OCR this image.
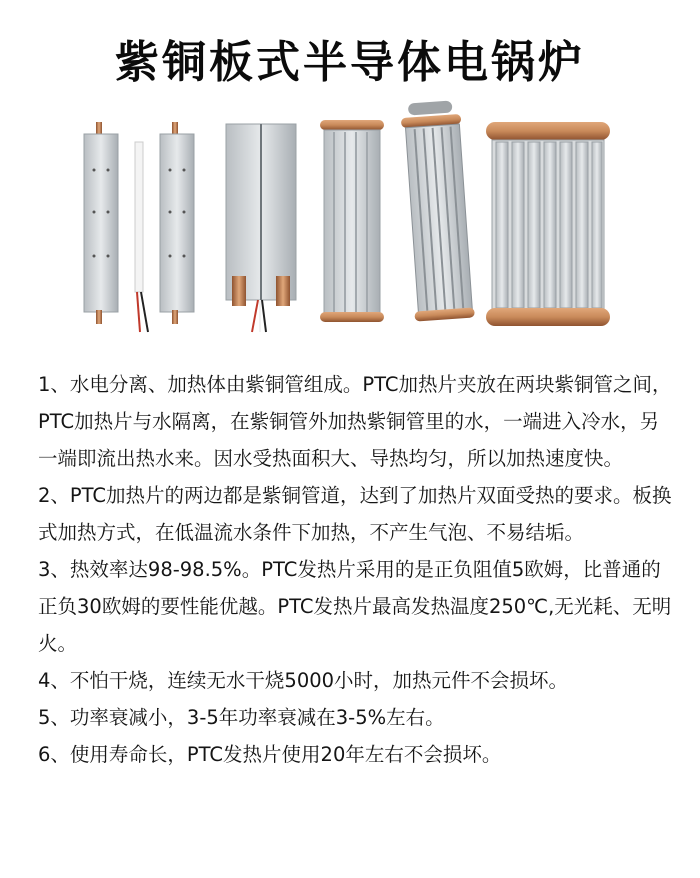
紫铜板式半导体电锅炉

1、水电分离、加热体由紫铜管组成。PTC加热片夹放在两块紫铜管之间，PTC加热片与水隔离，在紫铜管外加热紫铜管里的水，一端进入冷水，另一端即流出热水来。因水受热面积大、导热均匀，所以加热速度快。

2、PTC加热片的两边都是紫铜管道，达到了加热片双面受热的要求。板换式加热方式，在低温流水条件下加热，不产生气泡、不易结垢。

3、热效率达98-98.5%。PTC发热片采用的是正负阻值5欧姆，比普通的正负30欧姆的要性能优越。PTC发热片最高发热温度250℃,无光耗、无明火。

4、不怕干烧，连续无水干烧5000小时，加热元件不会损坏。

5、功率衰减小，3-5年功率衰减在3-5%左右。

6、使用寿命长，PTC发热片使用20年左右不会损坏。
